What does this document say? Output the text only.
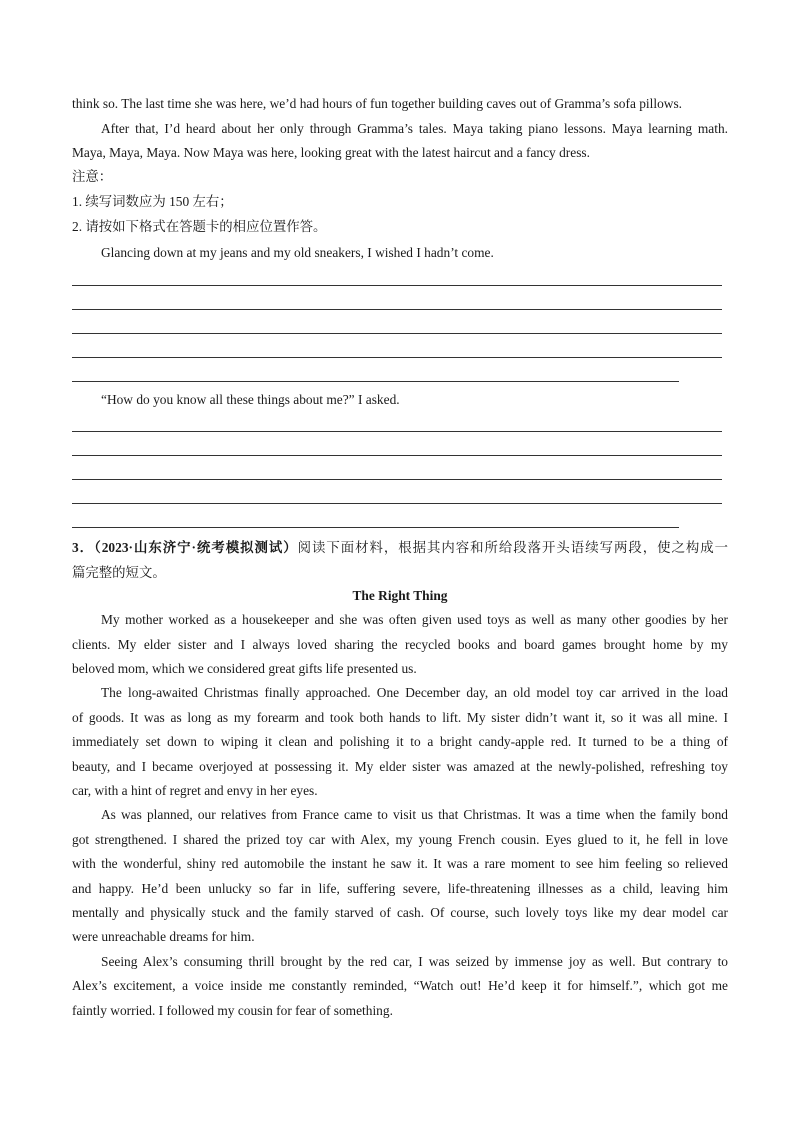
think so. The last time she was here, we’d had hours of fun together building caves out of Gramma’s sofa pillows.
After that, I’d heard about her only through Gramma’s tales. Maya taking piano lessons. Maya learning math.
Maya, Maya, Maya. Now Maya was here, looking great with the latest haircut and a fancy dress.
注意：
1. 续写词数应为 150 左右；
2. 请按如下格式在答题卡的相应位置作答。
Glancing down at my jeans and my old sneakers, I wished I hadn’t come.
“How do you know all these things about me?” I asked.
3．（2023·山东济宁·统考模拟测试）阅读下面材料，根据其内容和所给段落开头语续写两段，使之构成一
篇完整的短文。
The Right Thing
My mother worked as a housekeeper and she was often given used toys as well as many other goodies by her
clients. My elder sister and I always loved sharing the recycled books and board games brought home by my
beloved mom, which we considered great gifts life presented us.
The long-awaited Christmas finally approached. One December day, an old model toy car arrived in the load
of goods. It was as long as my forearm and took both hands to lift. My sister didn’t want it, so it was all mine. I
immediately set down to wiping it clean and polishing it to a bright candy-apple red. It turned to be a thing of
beauty, and I became overjoyed at possessing it. My elder sister was amazed at the newly-polished, refreshing toy
car, with a hint of regret and envy in her eyes.
As was planned, our relatives from France came to visit us that Christmas. It was a time when the family bond
got strengthened. I shared the prized toy car with Alex, my young French cousin. Eyes glued to it, he fell in love
with the wonderful, shiny red automobile the instant he saw it. It was a rare moment to see him feeling so relieved
and happy. He’d been unlucky so far in life, suffering severe, life-threatening illnesses as a child, leaving him
mentally and physically stuck and the family starved of cash. Of course, such lovely toys like my dear model car
were unreachable dreams for him.
Seeing Alex’s consuming thrill brought by the red car, I was seized by immense joy as well. But contrary to
Alex’s excitement, a voice inside me constantly reminded, “Watch out! He’d keep it for himself.”, which got me
faintly worried. I followed my cousin for fear of something.
